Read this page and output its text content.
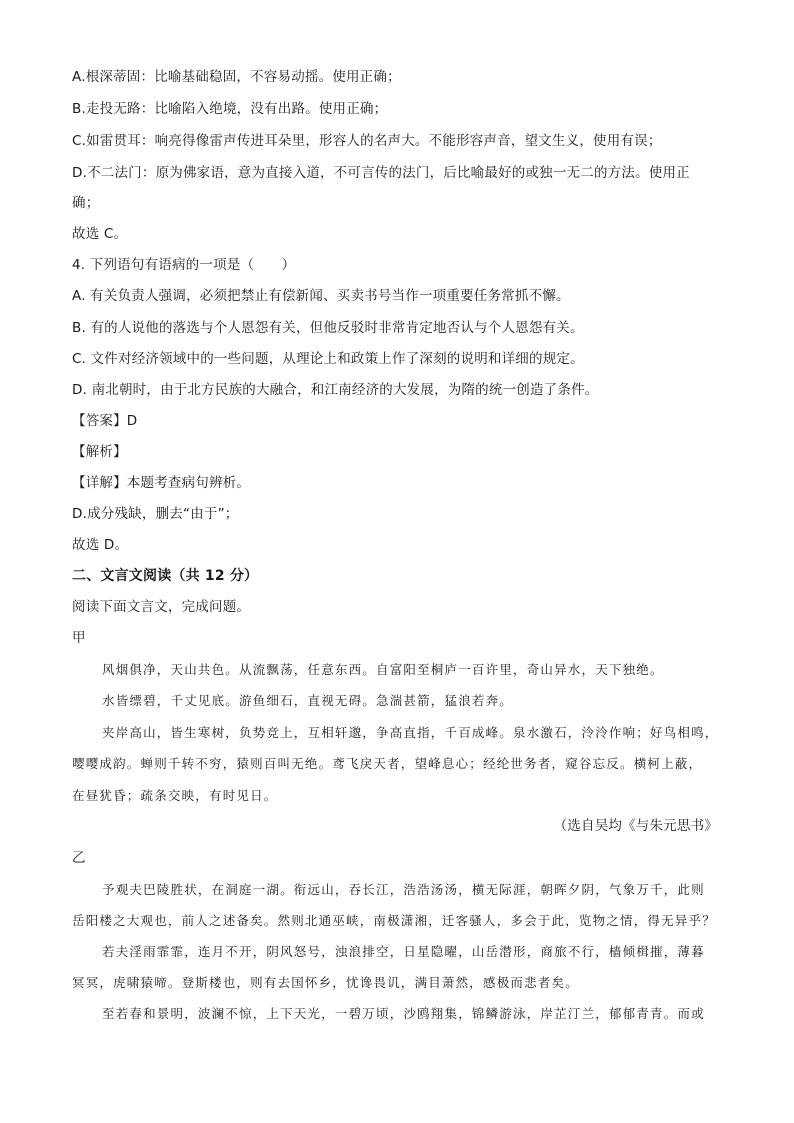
A.根深蒂固：比喻基础稳固，不容易动摇。使用正确；
B.走投无路：比喻陷入绝境，没有出路。使用正确；
C.如雷贯耳：响亮得像雷声传进耳朵里，形容人的名声大。不能形容声音，望文生义，使用有误；
D.不二法门：原为佛家语，意为直接入道，不可言传的法门，后比喻最好的或独一无二的方法。使用正
确；
故选 C。
4. 下列语句有语病的一项是（　　）
A. 有关负责人强调，必须把禁止有偿新闻、买卖书号当作一项重要任务常抓不懈。
B. 有的人说他的落选与个人恩怨有关，但他反驳时非常肯定地否认与个人恩怨有关。
C. 文件对经济领域中的一些问题，从理论上和政策上作了深刻的说明和详细的规定。
D. 南北朝时，由于北方民族的大融合，和江南经济的大发展，为隋的统一创造了条件。
【答案】D
【解析】
【详解】本题考查病句辨析。
D.成分残缺，删去“由于”；
故选 D。
二、文言文阅读（共 12 分）
阅读下面文言文，完成问题。
甲
风烟俱净，天山共色。从流飘荡，任意东西。自富阳至桐庐一百许里，奇山异水，天下独绝。
水皆缥碧，千丈见底。游鱼细石，直视无碍。急湍甚箭，猛浪若奔。
夹岸高山，皆生寒树，负势竞上，互相轩邈，争高直指，千百成峰。泉水激石，泠泠作响；好鸟相鸣，
嘤嘤成韵。蝉则千转不穷，猿则百叫无绝。鸢飞戾天者，望峰息心；经纶世务者，窥谷忘反。横柯上蔽，
在昼犹昏；疏条交映，有时见日。
（选自吴均《与朱元思书》
乙
予观夫巴陵胜状，在洞庭一湖。衔远山，吞长江，浩浩汤汤，横无际涯，朝晖夕阴，气象万千，此则
岳阳楼之大观也，前人之述备矣。然则北通巫峡，南极潇湘，迁客骚人，多会于此，览物之情，得无异乎？
若夫淫雨霏霏，连月不开，阴风怒号，浊浪排空，日星隐曜，山岳潜形，商旅不行，樯倾楫摧，薄暮
冥冥，虎啸猿啼。登斯楼也，则有去国怀乡，忧谗畏讥，满目萧然，感极而悲者矣。
至若春和景明，波澜不惊，上下天光，一碧万顷，沙鸥翔集，锦鳞游泳，岸芷汀兰，郁郁青青。而或
